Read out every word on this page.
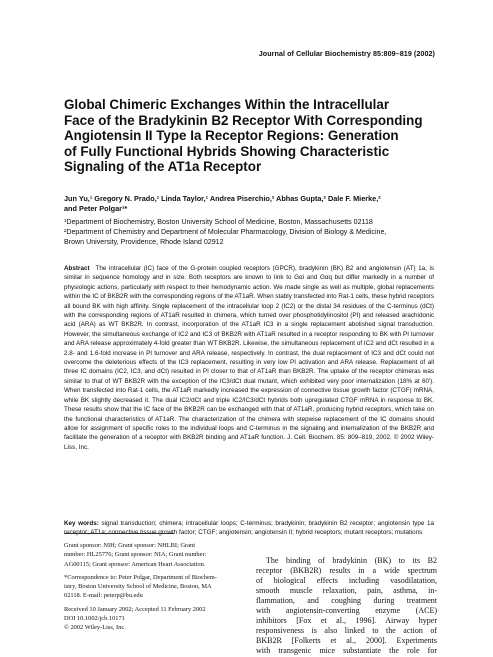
Journal of Cellular Biochemistry 85:809–819 (2002)
Global Chimeric Exchanges Within the Intracellular
Face of the Bradykinin B2 Receptor With Corresponding
Angiotensin II Type Ia Receptor Regions: Generation
of Fully Functional Hybrids Showing Characteristic
Signaling of the AT1a Receptor
Jun Yu,¹ Gregory N. Prado,¹ Linda Taylor,¹ Andrea Piserchio,² Abhas Gupta,² Dale F. Mierke,²
and Peter Polgar¹*
¹Department of Biochemistry, Boston University School of Medicine, Boston, Massachusetts 02118
²Department of Chemistry and Department of Molecular Pharmacology, Division of Biology & Medicine,
Brown University, Providence, Rhode Island 02912
Abstract The intracellular (IC) face of the G-protein coupled receptors (GPCR), bradykinin (BK) B2 and angiotensin (AT) 1a, is similar in sequence homology and in size. Both receptors are known to link to Gαi and Gαq but differ markedly in a number of physiologic actions, particularly with respect to their hemodynamic action. We made single as well as multiple, global replacements within the IC of BKB2R with the corresponding regions of the AT1aR. When stably transfected into Rat-1 cells, these hybrid receptors all bound BK with high affinity. Single replacement of the intracellular loop 2 (IC2) or the distal 34 residues of the C-terminus (dCt) with the corresponding regions of AT1aR resulted in chimera, which turned over phosphotidylinositol (PI) and released arachidonic acid (ARA) as WT BKB2R. In contrast, incorporation of the AT1aR IC3 in a single replacement abolished signal transduction. However, the simultaneous exchange of IC2 and IC3 of BKB2R with AT1aR resulted in a receptor responding to BK with PI turnover and ARA release approximately 4-fold greater than WT BKB2R. Likewise, the simultaneous replacement of IC2 and dCt resulted in a 2.8- and 1.6-fold increase in PI turnover and ARA release, respectively. In contrast, the dual replacement of IC3 and dCt could not overcome the deleterious effects of the IC3 replacement, resulting in very low PI activation and ARA release. Replacement of all three IC domains (IC2, IC3, and dCt) resulted in PI closer to that of AT1aR than BKB2R. The uptake of the receptor chimeras was similar to that of WT BKB2R with the exception of the IC3/dCt dual mutant, which exhibited very poor internalization (18% at 60′). When transfected into Rat-1 cells, the AT1aR markedly increased the expression of connective tissue growth factor (CTGF) mRNA, while BK slightly decreased it. The dual IC2/dCt and triple IC2/IC3/dCt hybrids both upregulated CTGF mRNA in response to BK. These results show that the IC face of the BKB2R can be exchanged with that of AT1aR, producing hybrid receptors, which take on the functional characteristics of AT1aR. The characterization of the chimera with stepwise replacement of the IC domains should allow for assignment of specific roles to the individual loops and C-terminus in the signaling and internalization of the BKB2R and facilitate the generation of a receptor with BKB2R binding and AT1aR function. J. Cell. Biochem. 85: 809–819, 2002. © 2002 Wiley-Liss, Inc.
Key words: signal transduction; chimera; intracellular loops; C-terminus; bradykinin; bradykinin B2 receptor; angiotensin type 1a receptor; AT1a; connective tissue growth factor; CTGF; angiotensin; angiotensin II; hybrid receptors; mutant receptors; mutations

Grant sponsor: NIH; Grant sponsor: NHLBI; Grant
number: HL25776; Grant sponsor: NIA; Grant number:
AG00115; Grant sponsor: American Heart Association.

*Correspondence to: Peter Polgar, Department of Biochem-
istry, Boston University School of Medicine, Boston, MA
02118. E-mail: peterp@bu.edu

Received 10 January 2002; Accepted 11 February 2002

DOI 10.1002/jcb.10171

© 2002 Wiley-Liss, Inc.

The binding of bradykinin (BK) to its B2
receptor (BKB2R) results in a wide spectrum
of biological effects including vasodilatation,
smooth muscle relaxation, pain, asthma, in-
flammation, and coughing during treatment
with angiotensin-converting enzyme (ACE)
inhibitors [Fox et al., 1996]. Airway hyper
responsiveness is also linked to the action of
BKB2R [Folkerts et al., 2000]. Experiments
with transgenic mice substantiate the role for
